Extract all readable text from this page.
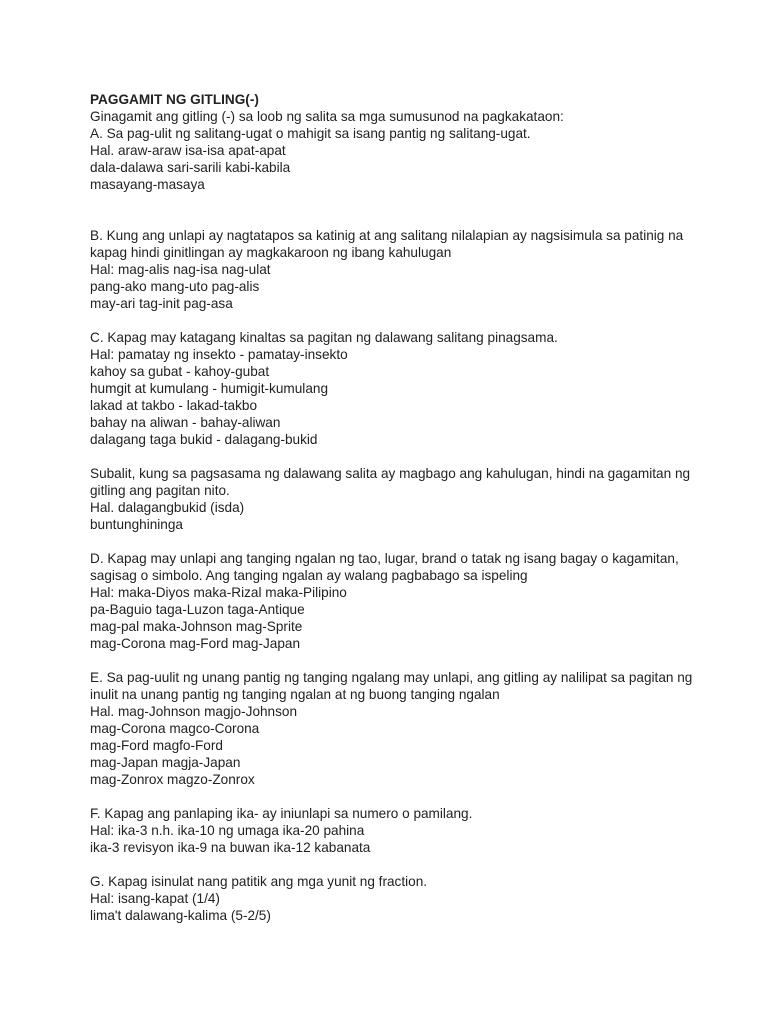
PAGGAMIT NG GITLING(-)
Ginagamit ang gitling (-) sa loob ng salita sa mga sumusunod na pagkakataon:
A. Sa pag-ulit ng salitang-ugat o mahigit sa isang pantig ng salitang-ugat.
Hal. araw-araw isa-isa apat-apat
dala-dalawa sari-sarili kabi-kabila
masayang-masaya
B. Kung ang unlapi ay nagtatapos sa katinig at ang salitang nilalapian ay nagsisimula sa patinig na
kapag hindi ginitlingan ay magkakaroon ng ibang kahulugan
Hal: mag-alis nag-isa nag-ulat
pang-ako mang-uto pag-alis
may-ari tag-init pag-asa
C. Kapag may katagang kinaltas sa pagitan ng dalawang salitang pinagsama.
Hal: pamatay ng insekto - pamatay-insekto
kahoy sa gubat - kahoy-gubat
humgit at kumulang - humigit-kumulang
lakad at takbo - lakad-takbo
bahay na aliwan - bahay-aliwan
dalagang taga bukid - dalagang-bukid
Subalit, kung sa pagsasama ng dalawang salita ay magbago ang kahulugan, hindi na gagamitan ng
gitling ang pagitan nito.
Hal. dalagangbukid (isda)
buntunghininga
D. Kapag may unlapi ang tanging ngalan ng tao, lugar, brand o tatak ng isang bagay o kagamitan,
sagisag o simbolo. Ang tanging ngalan ay walang pagbabago sa ispeling
Hal: maka-Diyos maka-Rizal maka-Pilipino
pa-Baguio taga-Luzon taga-Antique
mag-pal maka-Johnson mag-Sprite
mag-Corona mag-Ford mag-Japan
E. Sa pag-uulit ng unang pantig ng tanging ngalang may unlapi, ang gitling ay nalilipat sa pagitan ng
inulit na unang pantig ng tanging ngalan at ng buong tanging ngalan
Hal. mag-Johnson magjo-Johnson
mag-Corona magco-Corona
mag-Ford magfo-Ford
mag-Japan magja-Japan
mag-Zonrox magzo-Zonrox
F. Kapag ang panlaping ika- ay iniunlapi sa numero o pamilang.
Hal: ika-3 n.h. ika-10 ng umaga ika-20 pahina
ika-3 revisyon ika-9 na buwan ika-12 kabanata
G. Kapag isinulat nang patitik ang mga yunit ng fraction.
Hal: isang-kapat (1/4)
lima't dalawang-kalima (5-2/5)
